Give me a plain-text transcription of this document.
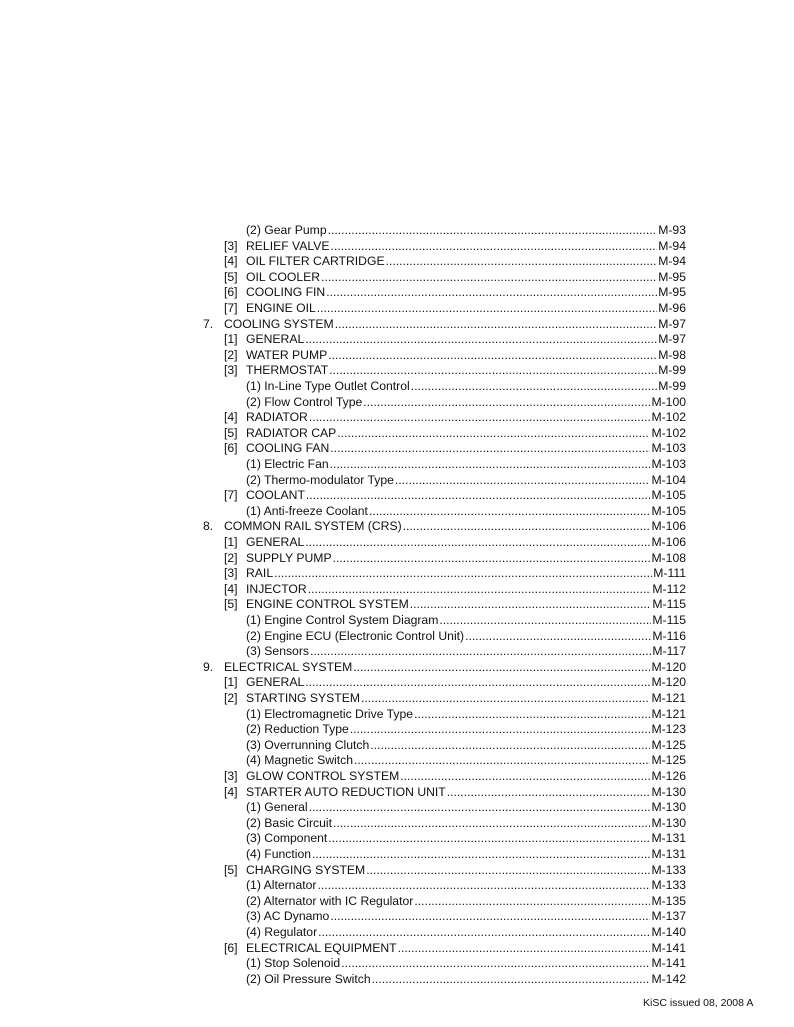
(2) Gear Pump .....	M-93
[3] RELIEF VALVE .....	M-94
[4] OIL FILTER CARTRIDGE .....	M-94
[5] OIL COOLER .....	M-95
[6] COOLING FIN .....	M-95
[7] ENGINE OIL .....	M-96
7. COOLING SYSTEM .....	M-97
[1] GENERAL .....	M-97
[2] WATER PUMP .....	M-98
[3] THERMOSTAT .....	M-99
(1) In-Line Type Outlet Control .....	M-99
(2) Flow Control Type .....	M-100
[4] RADIATOR .....	M-102
[5] RADIATOR CAP .....	M-102
[6] COOLING FAN .....	M-103
(1) Electric Fan .....	M-103
(2) Thermo-modulator Type .....	M-104
[7] COOLANT .....	M-105
(1) Anti-freeze Coolant .....	M-105
8. COMMON RAIL SYSTEM (CRS) .....	M-106
[1] GENERAL .....	M-106
[2] SUPPLY PUMP .....	M-108
[3] RAIL .....	M-111
[4] INJECTOR .....	M-112
[5] ENGINE CONTROL SYSTEM .....	M-115
(1) Engine Control System Diagram .....	M-115
(2) Engine ECU (Electronic Control Unit) .....	M-116
(3) Sensors .....	M-117
9. ELECTRICAL SYSTEM .....	M-120
[1] GENERAL .....	M-120
[2] STARTING SYSTEM .....	M-121
(1) Electromagnetic Drive Type .....	M-121
(2) Reduction Type .....	M-123
(3) Overrunning Clutch .....	M-125
(4) Magnetic Switch .....	M-125
[3] GLOW CONTROL SYSTEM .....	M-126
[4] STARTER AUTO REDUCTION UNIT .....	M-130
(1) General .....	M-130
(2) Basic Circuit .....	M-130
(3) Component .....	M-131
(4) Function .....	M-131
[5] CHARGING SYSTEM .....	M-133
(1) Alternator .....	M-133
(2) Alternator with IC Regulator .....	M-135
(3) AC Dynamo .....	M-137
(4) Regulator .....	M-140
[6] ELECTRICAL EQUIPMENT .....	M-141
(1) Stop Solenoid .....	M-141
(2) Oil Pressure Switch .....	M-142
KiSC issued 08, 2008 A
